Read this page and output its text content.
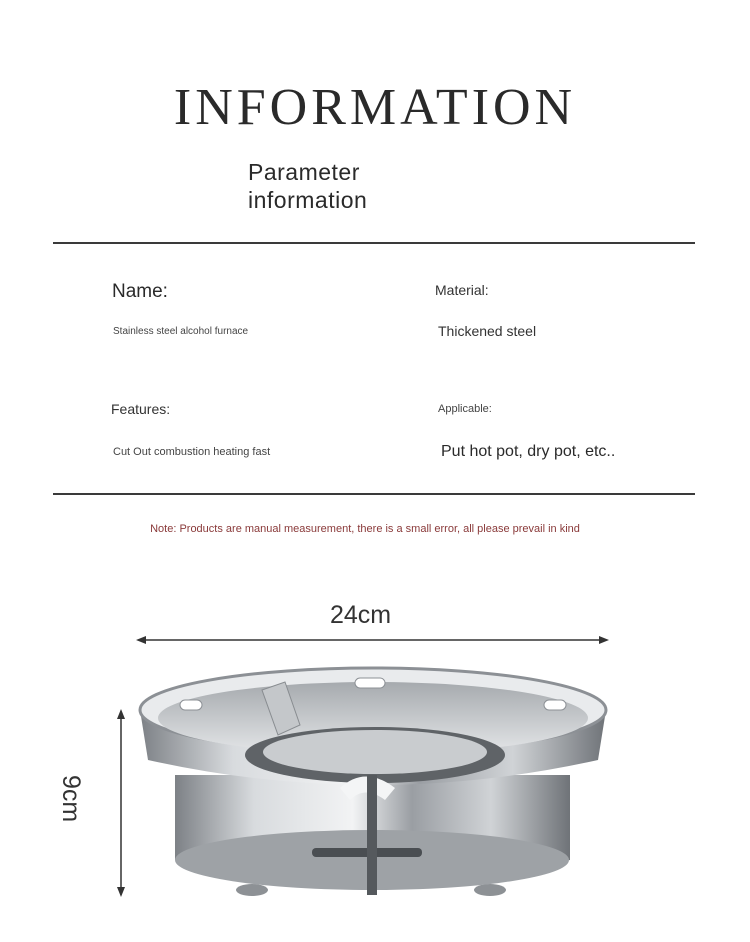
INFORMATION
Parameter
information
Name:
Stainless steel alcohol furnace
Material:
Thickened steel
Features:
Cut Out combustion heating fast
Applicable:
Put hot pot, dry pot, etc..
Note: Products are manual measurement, there is a small error, all please prevail in kind
24cm
9cm
